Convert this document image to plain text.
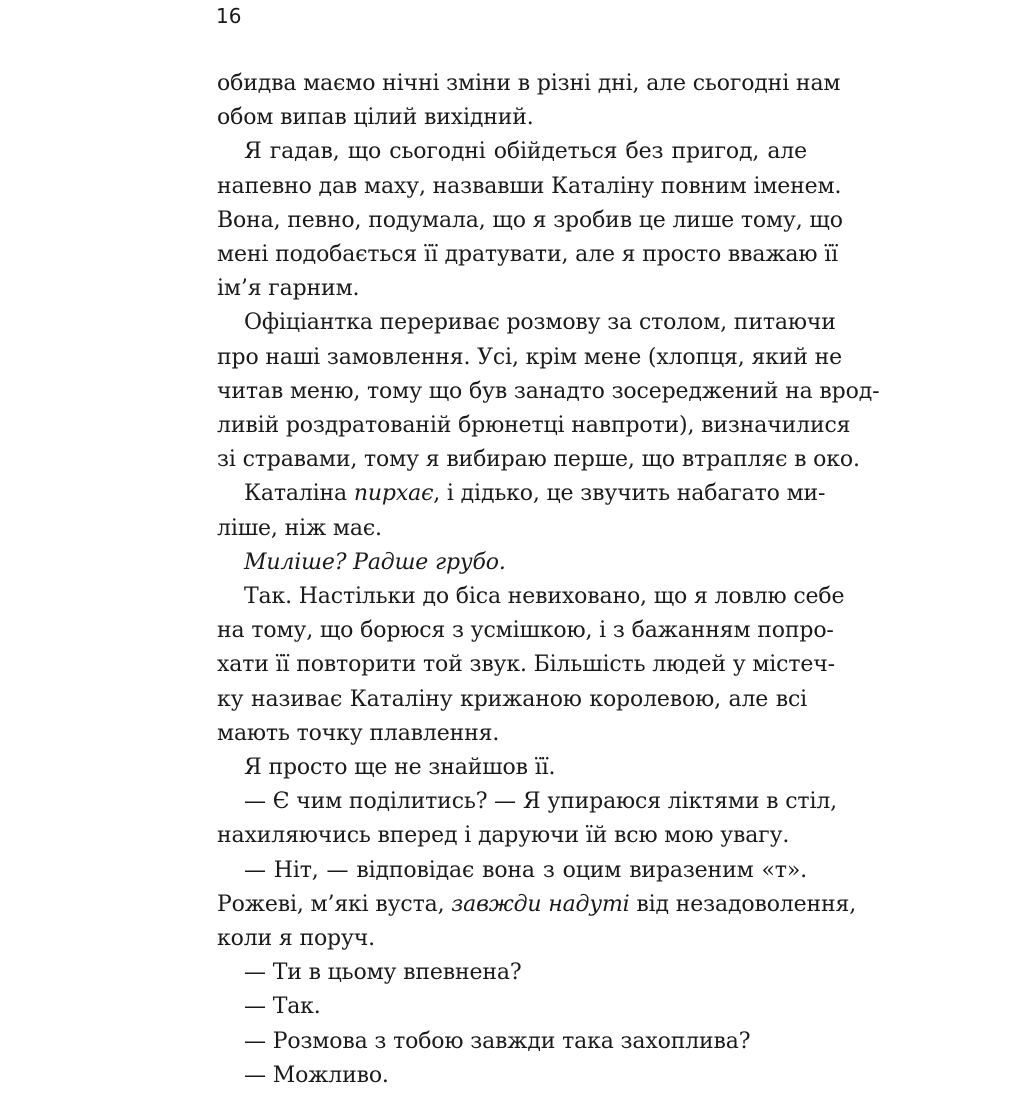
16
обидва маємо нічні зміни в різні дні, але сьогодні нам
обом випав цілий вихідний.
Я гадав, що сьогодні обійдеться без пригод, але
напевно дав маху, назвавши Каталіну повним іменем.
Вона, певно, подумала, що я зробив це лише тому, що
мені подобається її дратувати, але я просто вважаю її
ім’я гарним.
Офіціантка перериває розмову за столом, питаючи
про наші замовлення. Усі, крім мене (хлопця, який не
читав меню, тому що був занадто зосереджений на врод-
ливій роздратованій брюнетці навпроти), визначилися
зі стравами, тому я вибираю перше, що втрапляє в око.
Каталіна пирхає, і дідько, це звучить набагато ми-
ліше, ніж має.
Милiше? Радше грубо.
Так. Настільки до біса невиховано, що я ловлю себе
на тому, що борюся з усмішкою, і з бажанням попро-
хати її повторити той звук. Більшість людей у містеч-
ку називає Каталіну крижаною королевою, але всі
мають точку плавлення.
Я просто ще не знайшов її.
— Є чим поділитись? — Я упираюся ліктями в стіл,
нахиляючись вперед і даруючи їй всю мою увагу.
— Ніт, — відповідає вона з оцим виразеним «т».
Рожеві, м’які вуста, завжди надуті від незадоволення,
коли я поруч.
— Ти в цьому впевнена?
— Так.
— Розмова з тобою завжди така захоплива?
— Можливо.
